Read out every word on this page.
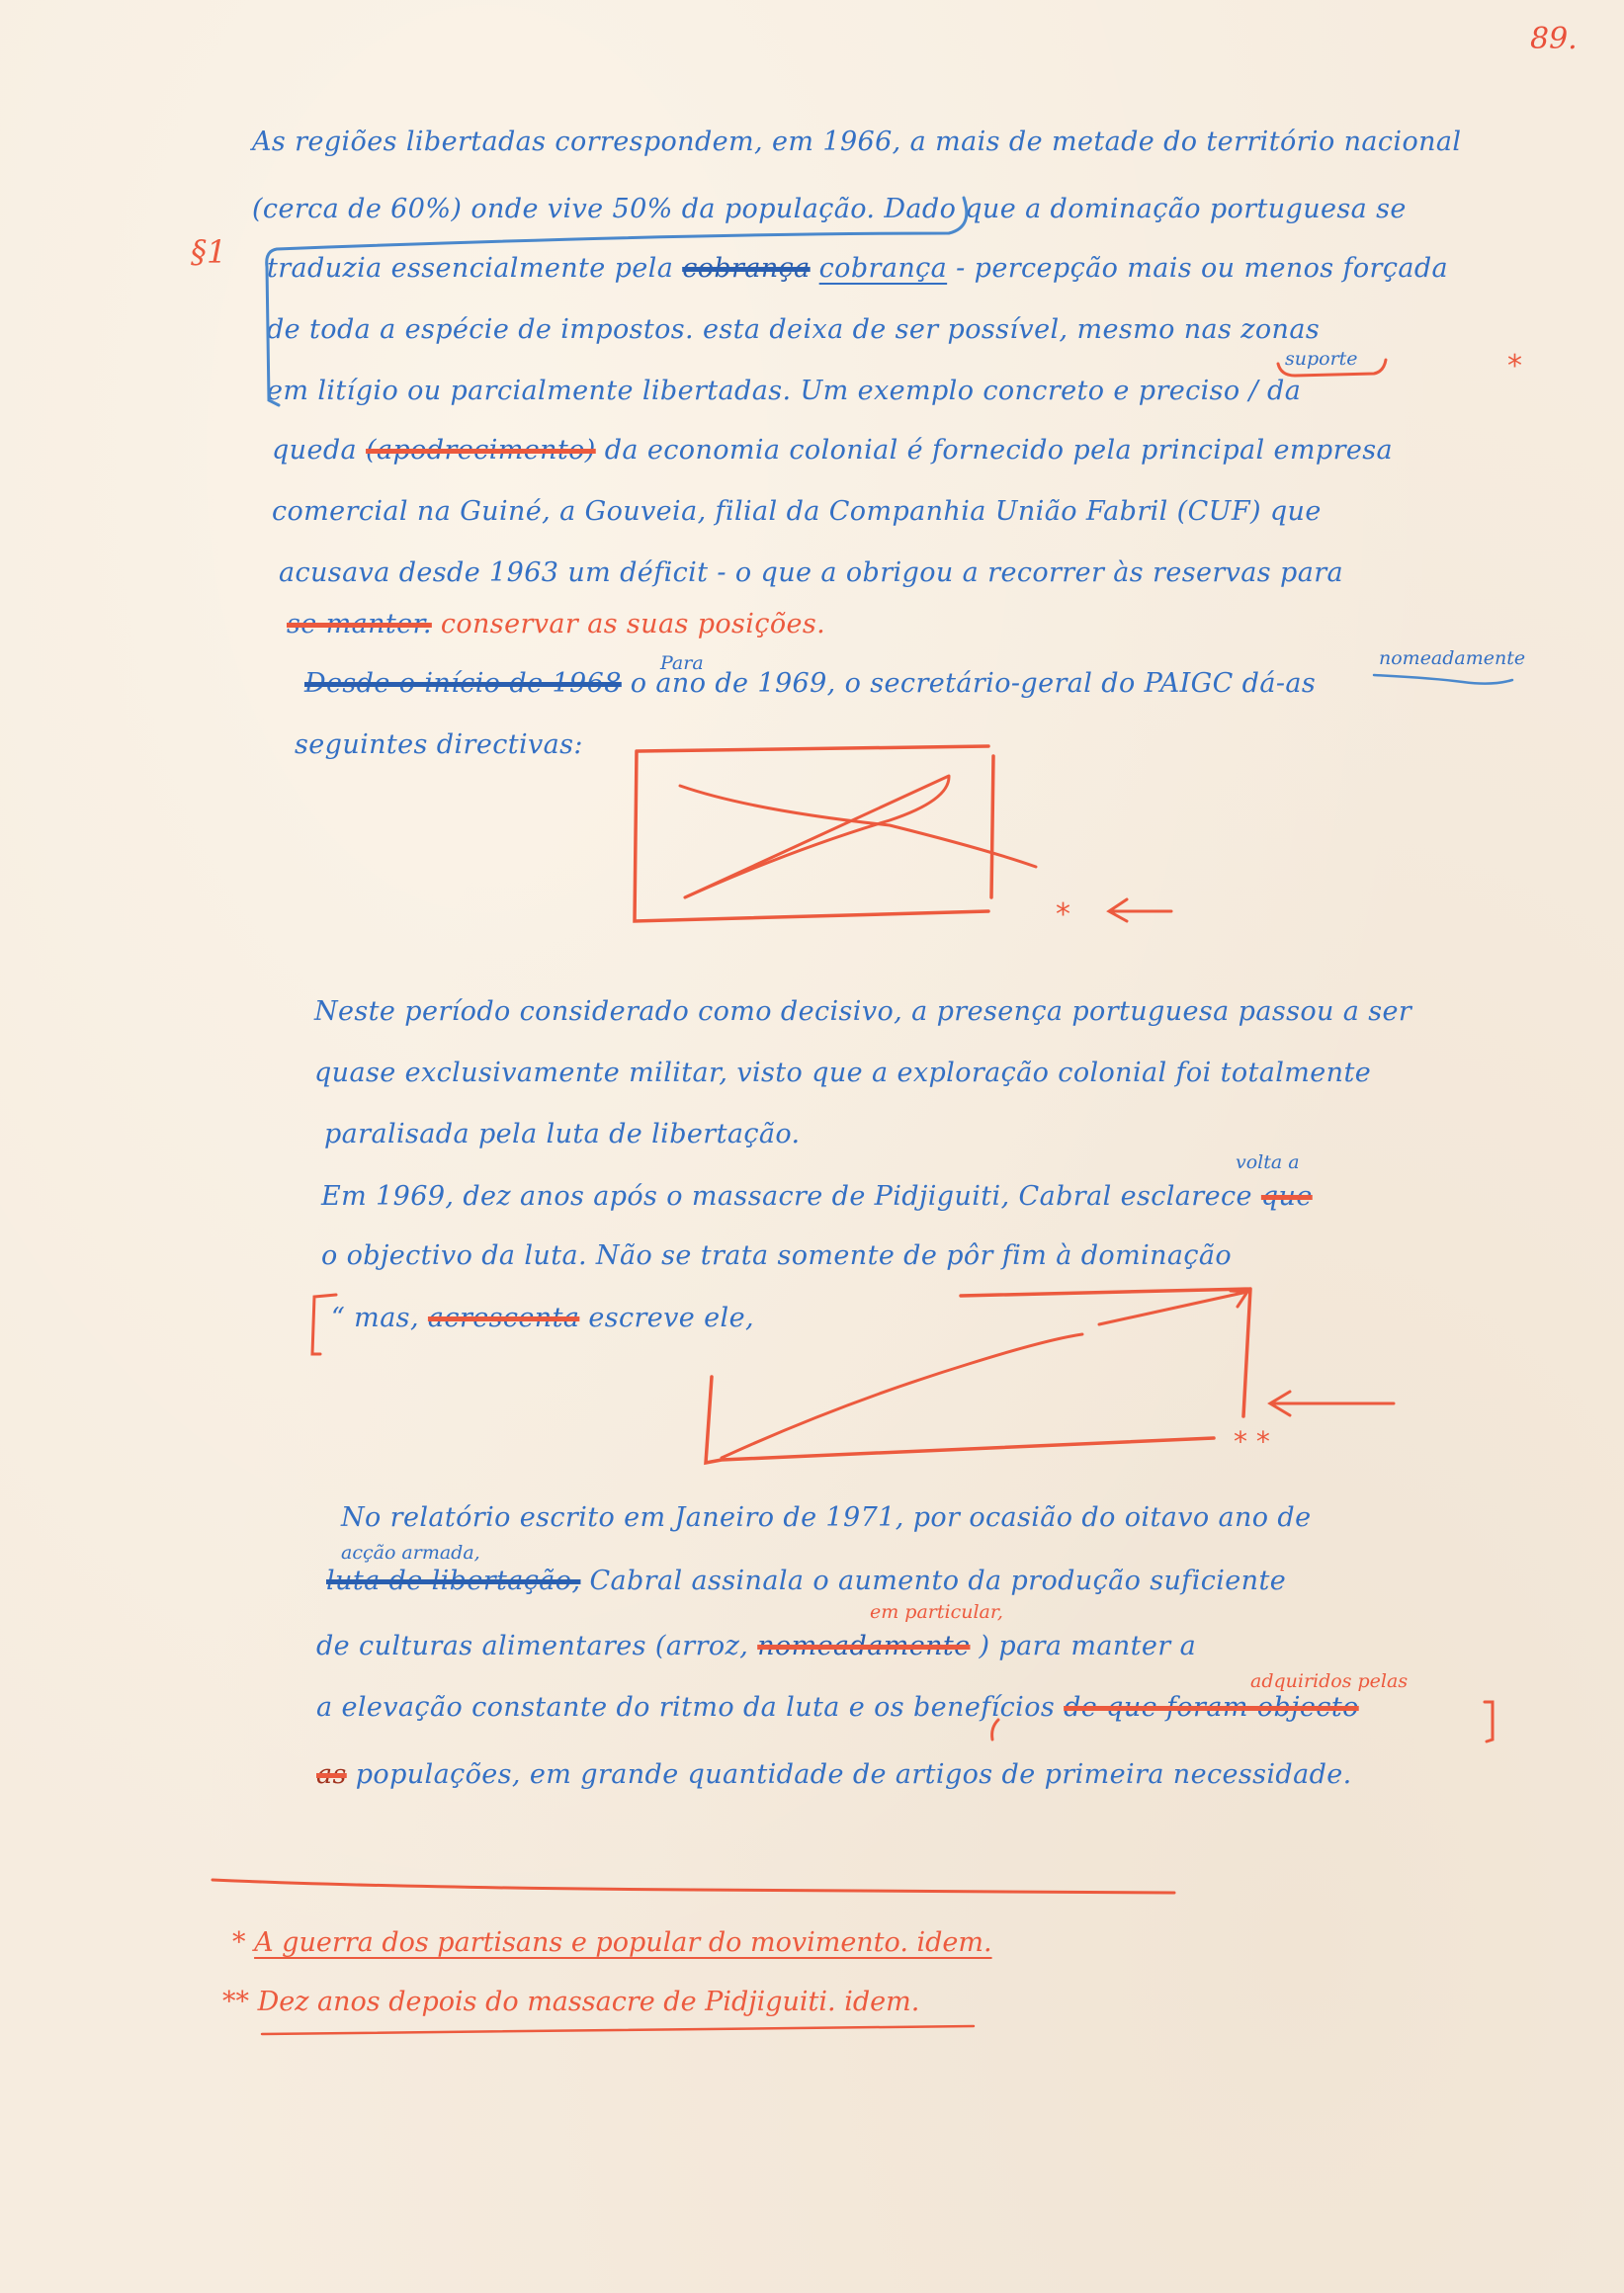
89.
§1
As regiões libertadas correspondem, em 1966, a mais de metade do território nacional
(cerca de 60%) onde vive 50% da população. Dado que a dominação portuguesa se
traduzia essencialmente pela cobrança cobrança - percepção mais ou menos forçada
de toda a espécie de impostos. esta deixa de ser possível, mesmo nas zonas
suporte
em litígio ou parcialmente libertadas. Um exemplo concreto e preciso / da
queda (apodrecimento) da economia colonial é fornecido pela principal empresa
comercial na Guiné, a Gouveia, filial da Companhia União Fabril (CUF) que
acusava desde 1963 um déficit - o que a obrigou a recorrer às reservas para
se manter. conservar as suas posições.
Para	nomeadamente
Desde o início de 1968 o ano de 1969, o secretário-geral do PAIGC dá-as
seguintes directivas:
Neste período considerado como decisivo, a presença portuguesa passou a ser
quase exclusivamente militar, visto que a exploração colonial foi totalmente
paralisada pela luta de libertação.
volta a
Em 1969, dez anos após o massacre de Pidjiguiti, Cabral esclarece que
o objectivo da luta. Não se trata somente de pôr fim à dominação
“ mas, acrescenta escreve ele,
No relatório escrito em Janeiro de 1971, por ocasião do oitavo ano de
acção armada,
luta de libertação, Cabral assinala o aumento da produção suficiente
em particular,
de culturas alimentares (arroz, nomeadamente ) para manter a
adquiridos pelas
a elevação constante do ritmo da luta e os benefícios de que foram objecto
as populações, em grande quantidade de artigos de primeira necessidade.
* A guerra dos partisans e popular do movimento. idem.
** Dez anos depois do massacre de Pidjiguiti. idem.
*
*
* *
